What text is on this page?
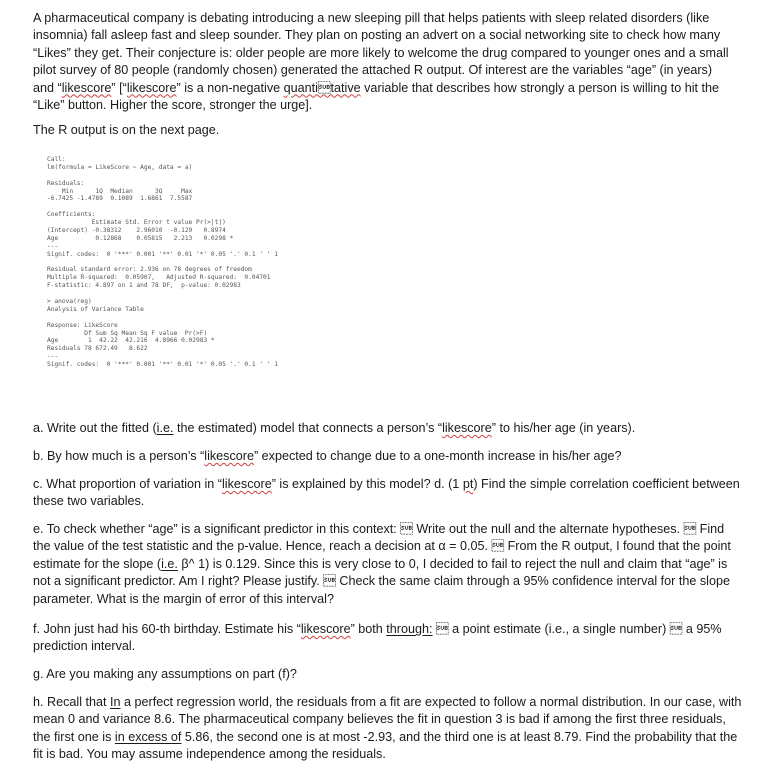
A pharmaceutical company is debating introducing a new sleeping pill that helps patients with sleep related disorders (like insomnia) fall asleep fast and sleep sounder. They plan on posting an advert on a social networking site to check how many “Likes” they get. Their conjecture is: older people are more likely to welcome the drug compared to younger ones and a small pilot survey of 80 people (randomly chosen) generated the attached R output. Of interest are the variables “age” (in years) and “likescore” [“likescore” is a non-negative quantitative variable that describes how strongly a person is willing to hit the “Like” button. Higher the score, stronger the urge].
The R output is on the next page.
Call:
lm(formula = LikeScore ~ Age, data = a)
Residuals:
Min      1Q  Median      3Q     Max
-6.7425 -1.4789  0.1089  1.6861  7.5587
Coefficients:
Estimate Std. Error t value Pr(>|t|)
(Intercept) -0.38312    2.96010  -0.129   0.8974
Age          0.12868    0.05815   2.213   0.0298 *
---
Signif. codes:  0 '***' 0.001 '**' 0.01 '*' 0.05 '.' 0.1 ' ' 1
Residual standard error: 2.936 on 78 degrees of freedom
Multiple R-squared:  0.05907,   Adjusted R-squared:  0.04701
F-statistic: 4.897 on 1 and 78 DF,  p-value: 0.02983
> anova(reg)
Analysis of Variance Table
Response: LikeScore
Df Sum Sq Mean Sq F value  Pr(>F)
Age        1  42.22  42.216  4.8966 0.02983 *
Residuals 78 672.49   8.622
---
Signif. codes:  0 '***' 0.001 '**' 0.01 '*' 0.05 '.' 0.1 ' ' 1
a. Write out the fitted (i.e. the estimated) model that connects a person’s “likescore” to his/her age (in years).
b. By how much is a person’s “likescore” expected to change due to a one-month increase in his/her age?
c. What proportion of variation in “likescore” is explained by this model? d. (1 pt) Find the simple correlation coefficient between these two variables.
e. To check whether “age” is a significant predictor in this context:  Write out the null and the alternate hypotheses.  Find the value of the test statistic and the p-value. Hence, reach a decision at α = 0.05.  From the R output, I found that the point estimate for the slope (i.e. β^ 1) is 0.129. Since this is very close to 0, I decided to fail to reject the null and claim that “age” is not a significant predictor. Am I right? Please justify.  Check the same claim through a 95% confidence interval for the slope parameter. What is the margin of error of this interval?
f. John just had his 60-th birthday. Estimate his “likescore” both through:  a point estimate (i.e., a single number)  a 95% prediction interval.
g. Are you making any assumptions on part (f)?
h. Recall that In a perfect regression world, the residuals from a fit are expected to follow a normal distribution. In our case, with mean 0 and variance 8.6. The pharmaceutical company believes the fit in question 3 is bad if among the first three residuals, the first one is in excess of 5.86, the second one is at most -2.93, and the third one is at least 8.79. Find the probability that the fit is bad. You may assume independence among the residuals.
